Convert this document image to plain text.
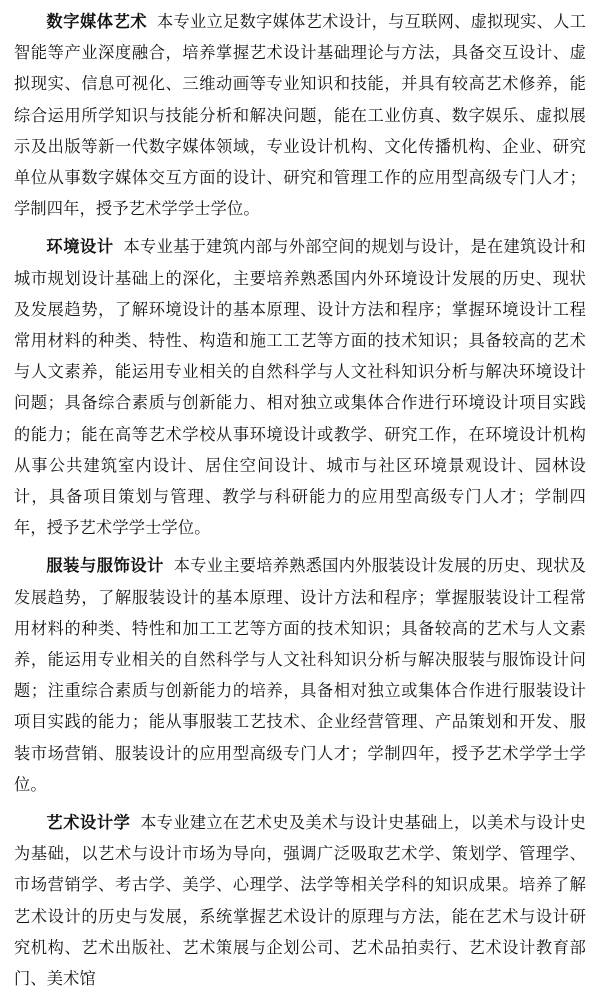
数字媒体艺术 本专业立足数字媒体艺术设计，与互联网、虚拟现实、人工智能等产业深度融合，培养掌握艺术设计基础理论与方法，具备交互设计、虚拟现实、信息可视化、三维动画等专业知识和技能，并具有较高艺术修养，能综合运用所学知识与技能分析和解决问题，能在工业仿真、数字娱乐、虚拟展示及出版等新一代数字媒体领域，专业设计机构、文化传播机构、企业、研究单位从事数字媒体交互方面的设计、研究和管理工作的应用型高级专门人才；学制四年，授予艺术学学士学位。

环境设计 本专业基于建筑内部与外部空间的规划与设计，是在建筑设计和城市规划设计基础上的深化，主要培养熟悉国内外环境设计发展的历史、现状及发展趋势，了解环境设计的基本原理、设计方法和程序；掌握环境设计工程常用材料的种类、特性、构造和施工工艺等方面的技术知识；具备较高的艺术与人文素养，能运用专业相关的自然科学与人文社科知识分析与解决环境设计问题；具备综合素质与创新能力、相对独立或集体合作进行环境设计项目实践的能力；能在高等艺术学校从事环境设计或教学、研究工作，在环境设计机构从事公共建筑室内设计、居住空间设计、城市与社区环境景观设计、园林设计，具备项目策划与管理、教学与科研能力的应用型高级专门人才；学制四年，授予艺术学学士学位。

服装与服饰设计 本专业主要培养熟悉国内外服装设计发展的历史、现状及发展趋势，了解服装设计的基本原理、设计方法和程序；掌握服装设计工程常用材料的种类、特性和加工工艺等方面的技术知识；具备较高的艺术与人文素养，能运用专业相关的自然科学与人文社科知识分析与解决服装与服饰设计问题；注重综合素质与创新能力的培养，具备相对独立或集体合作进行服装设计项目实践的能力；能从事服装工艺技术、企业经营管理、产品策划和开发、服装市场营销、服装设计的应用型高级专门人才；学制四年，授予艺术学学士学位。

艺术设计学 本专业建立在艺术史及美术与设计史基础上，以美术与设计史为基础，以艺术与设计市场为导向，强调广泛吸取艺术学、策划学、管理学、市场营销学、考古学、美学、心理学、法学等相关学科的知识成果。培养了解艺术设计的历史与发展，系统掌握艺术设计的原理与方法，能在艺术与设计研究机构、艺术出版社、艺术策展与企划公司、艺术品拍卖行、艺术设计教育部门、美术馆
